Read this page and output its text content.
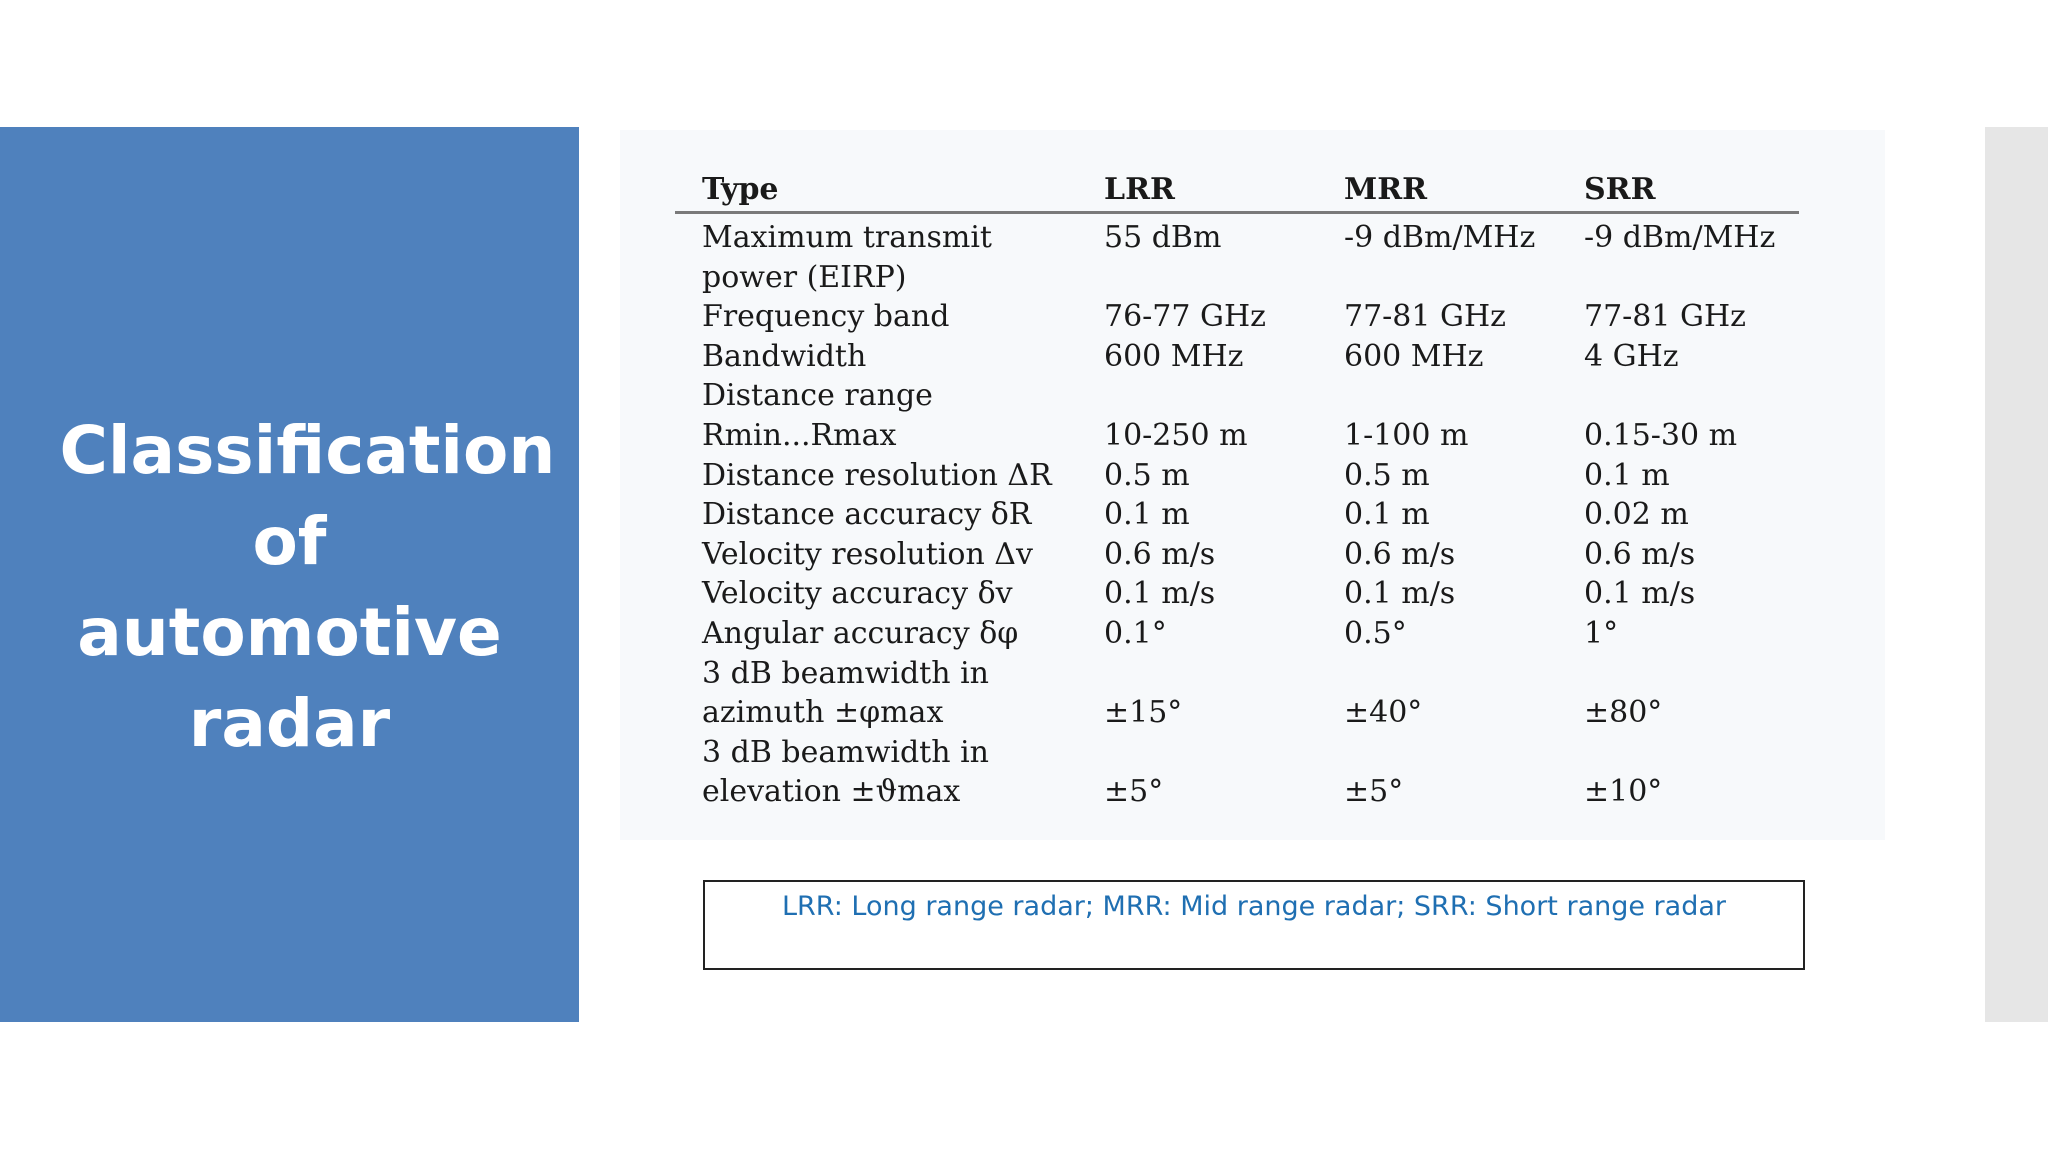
Classification of automotive radar
Type	LRR	MRR	SRR
Maximum transmit
power (EIRP)	55 dBm	-9 dBm/MHz	-9 dBm/MHz
Frequency band	76-77 GHz	77-81 GHz	77-81 GHz
Bandwidth	600 MHz	600 MHz	4 GHz
Distance range
Rmin...Rmax	10-250 m	1-100 m	0.15-30 m
Distance resolution ΔR	0.5 m	0.5 m	0.1 m
Distance accuracy δR	0.1 m	0.1 m	0.02 m
Velocity resolution Δv	0.6 m/s	0.6 m/s	0.6 m/s
Velocity accuracy δv	0.1 m/s	0.1 m/s	0.1 m/s
Angular accuracy δφ	0.1°	0.5°	1°
3 dB beamwidth in
azimuth ±φmax	±15°	±40°	±80°
3 dB beamwidth in
elevation ±ϑmax	±5°	±5°	±10°
LRR: Long range radar; MRR: Mid range radar; SRR: Short range radar
